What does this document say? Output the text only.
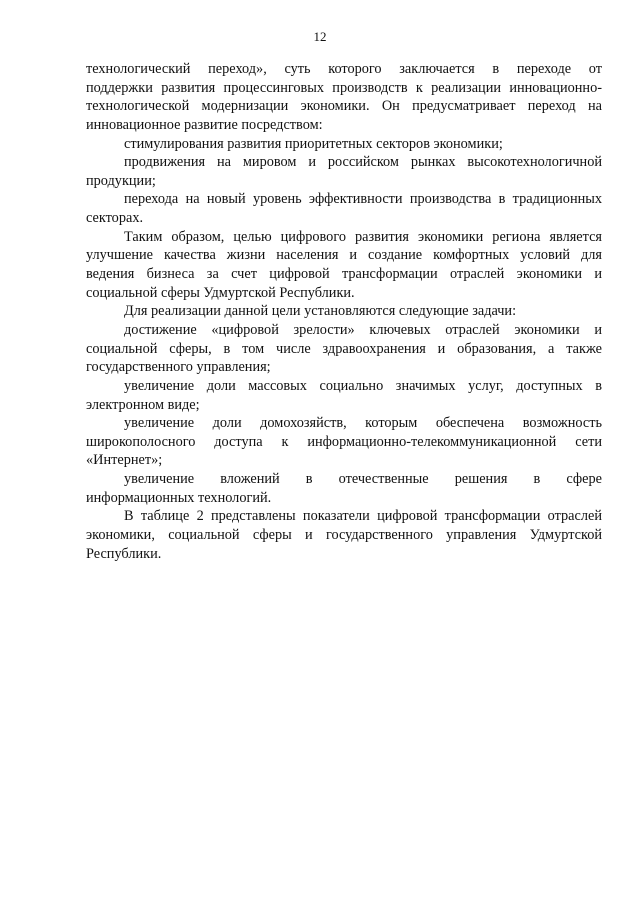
12
технологический переход», суть которого заключается в переходе от
поддержки развития процессинговых производств к реализации инновационно-
технологической модернизации экономики. Он предусматривает переход на
инновационное развитие посредством:
стимулирования развития приоритетных секторов экономики;
продвижения на мировом и российском рынках высокотехнологичной
продукции;
перехода на новый уровень эффективности производства в традиционных
секторах.
Таким образом, целью цифрового развития экономики региона является
улучшение качества жизни населения и создание комфортных условий для
ведения бизнеса за счет цифровой трансформации отраслей экономики и
социальной сферы Удмуртской Республики.
Для реализации данной цели установляются следующие задачи:
достижение «цифровой зрелости» ключевых отраслей экономики и
социальной сферы, в том числе здравоохранения и образования, а также
государственного управления;
увеличение доли массовых социально значимых услуг, доступных в
электронном виде;
увеличение доли домохозяйств, которым обеспечена возможность
широкополосного доступа к информационно-телекоммуникационной сети
«Интернет»;
увеличение вложений в отечественные решения в сфере
информационных технологий.
В таблице 2 представлены показатели цифровой трансформации отраслей
экономики, социальной сферы и государственного управления Удмуртской
Республики.
